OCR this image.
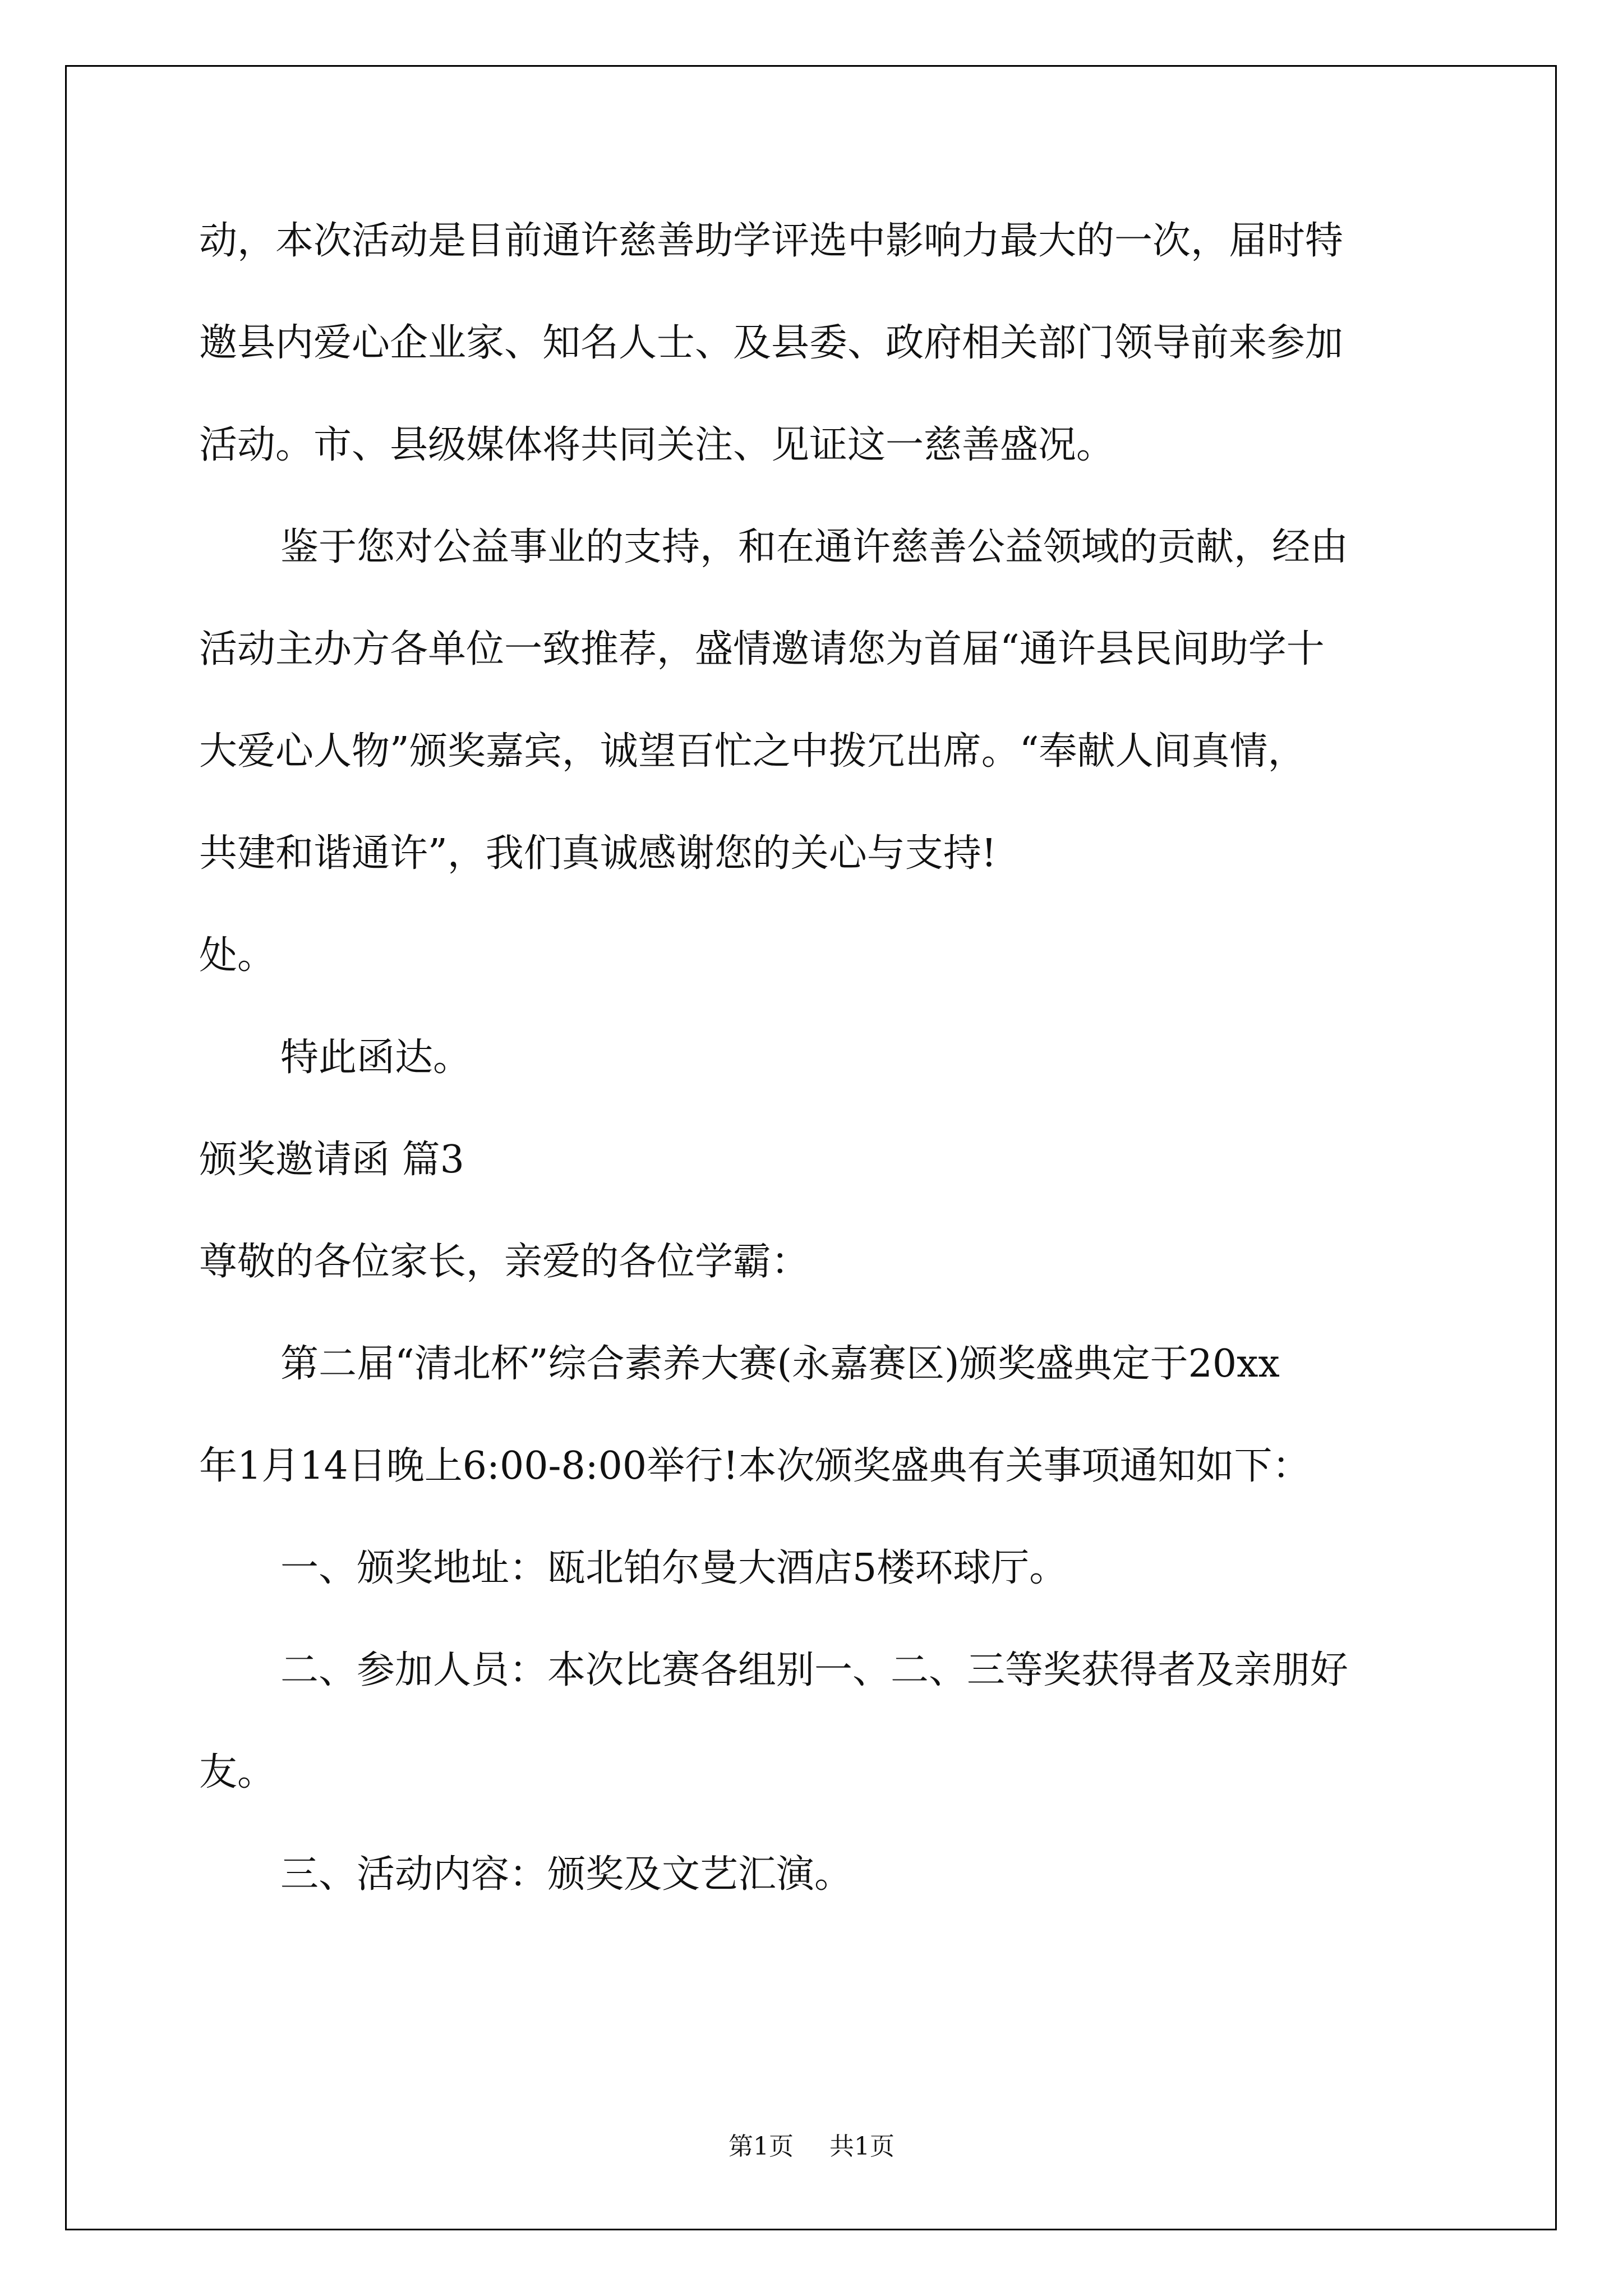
动，本次活动是目前通许慈善助学评选中影响力最大的一次，届时特
邀县内爱心企业家、知名人士、及县委、政府相关部门领导前来参加
活动。市、县级媒体将共同关注、见证这一慈善盛况。
鉴于您对公益事业的支持，和在通许慈善公益领域的贡献，经由
活动主办方各单位一致推荐，盛情邀请您为首届“通许县民间助学十
大爱心人物”颁奖嘉宾，诚望百忙之中拨冗出席。“奉献人间真情，
共建和谐通许”，我们真诚感谢您的关心与支持!
处。
特此函达。
颁奖邀请函 篇3
尊敬的各位家长，亲爱的各位学霸：
第二届“清北杯”综合素养大赛(永嘉赛区)颁奖盛典定于20xx
年1月14日晚上6:00-8:00举行!本次颁奖盛典有关事项通知如下：
一、颁奖地址：瓯北铂尔曼大酒店5楼环球厅。
二、参加人员：本次比赛各组别一、二、三等奖获得者及亲朋好
友。
三、活动内容：颁奖及文艺汇演。
第1页 共1页
